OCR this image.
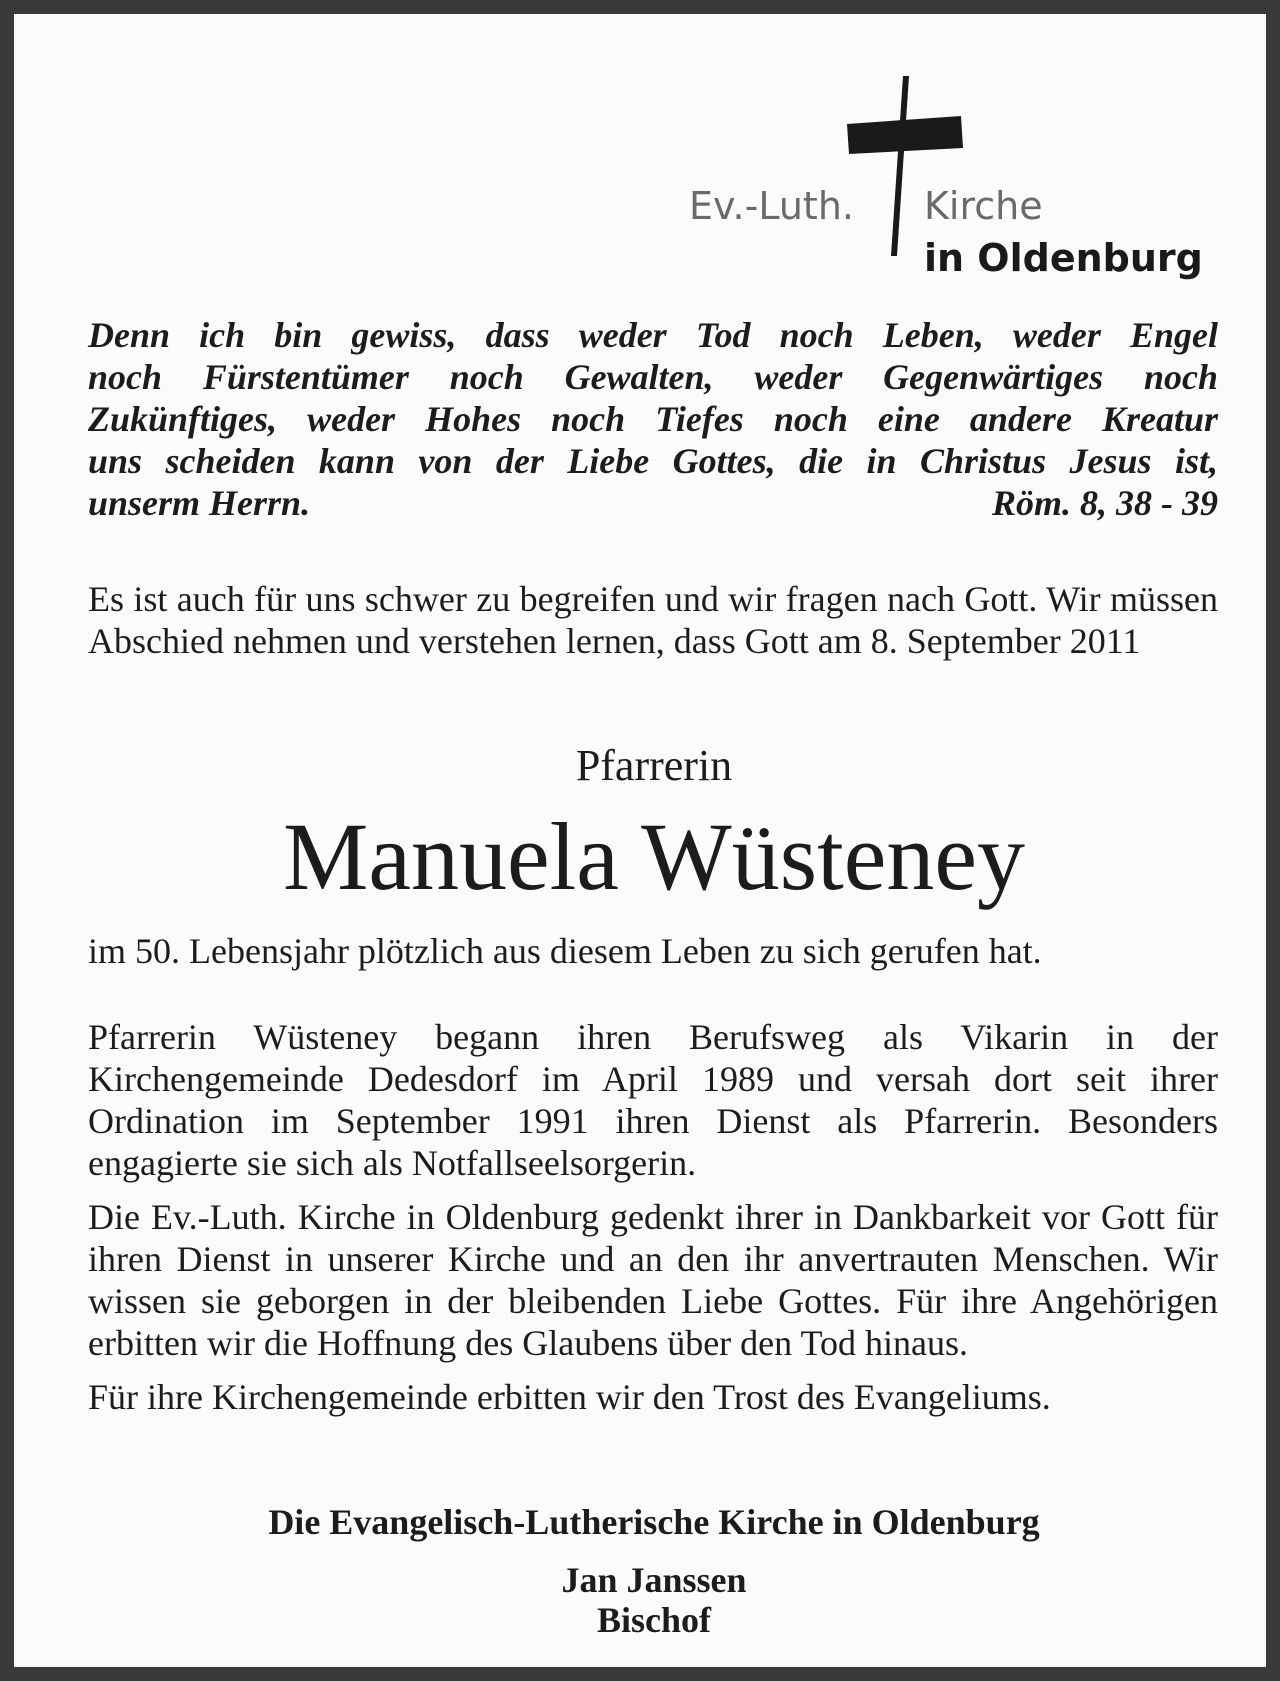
Ev.-Luth. Kirche
in Oldenburg
Denn ich bin gewiss, dass weder Tod noch Leben, weder Engel
noch Fürstentümer noch Gewalten, weder Gegenwärtiges noch
Zukünftiges, weder Hohes noch Tiefes noch eine andere Kreatur
uns scheiden kann von der Liebe Gottes, die in Christus Jesus ist,
unserm Herrn.	Röm. 8, 38 - 39
Es ist auch für uns schwer zu begreifen und wir fragen nach Gott. Wir müssen Abschied nehmen und verstehen lernen, dass Gott am 8. September 2011
Pfarrerin
Manuela Wüsteney
im 50. Lebensjahr plötzlich aus diesem Leben zu sich gerufen hat.

Pfarrerin Wüsteney begann ihren Berufsweg als Vikarin in der Kirchengemeinde Dedesdorf im April 1989 und versah dort seit ihrer Ordination im September 1991 ihren Dienst als Pfarrerin. Besonders engagierte sie sich als Notfallseelsorgerin.

Die Ev.-Luth. Kirche in Oldenburg gedenkt ihrer in Dankbarkeit vor Gott für ihren Dienst in unserer Kirche und an den ihr anvertrauten Menschen. Wir wissen sie geborgen in der bleibenden Liebe Gottes. Für ihre Angehörigen erbitten wir die Hoffnung des Glaubens über den Tod hinaus.

Für ihre Kirchengemeinde erbitten wir den Trost des Evangeliums.

Die Evangelisch-Lutherische Kirche in Oldenburg
Jan Janssen
Bischof
